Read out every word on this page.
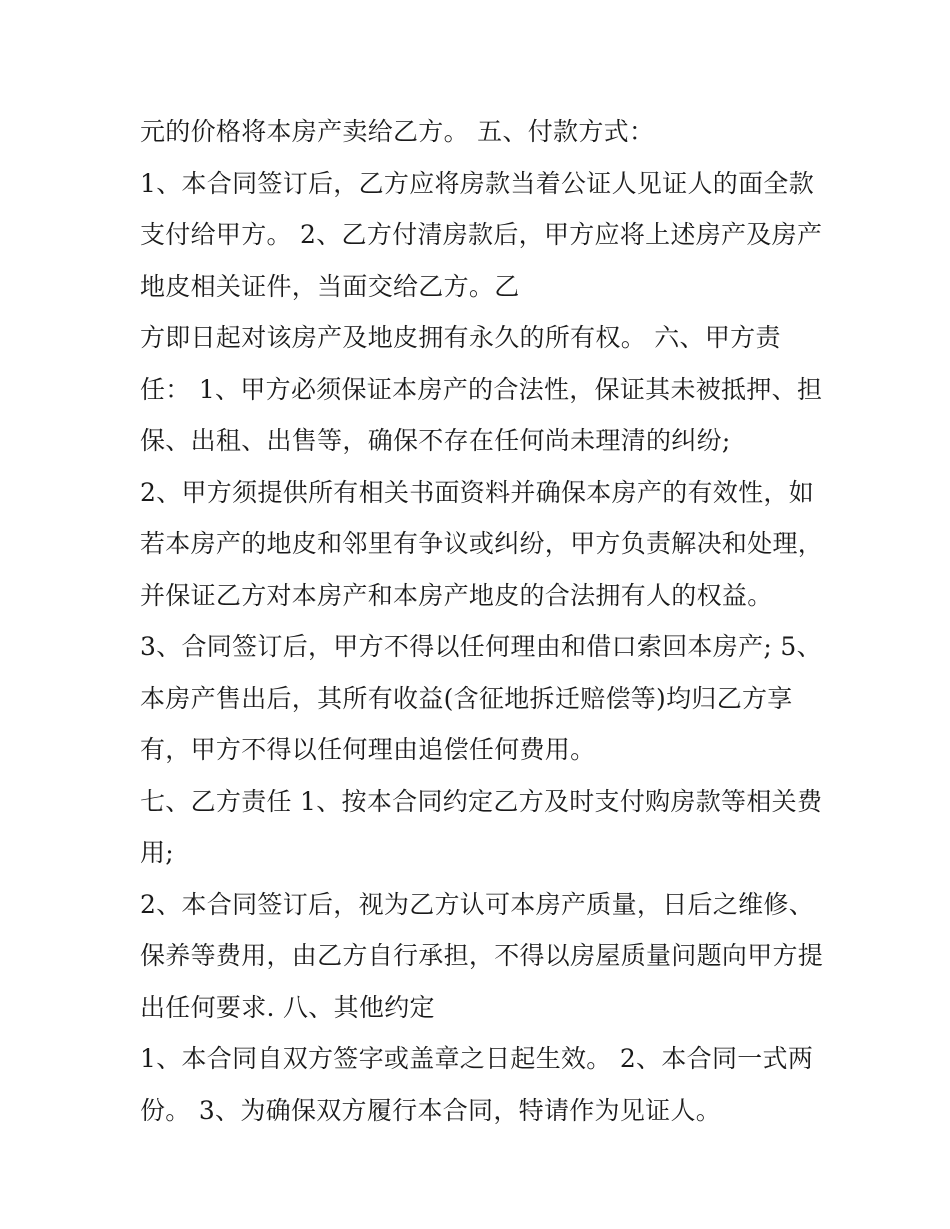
元的价格将本房产卖给乙方。 五、付款方式：
1、本合同签订后，乙方应将房款当着公证人见证人的面全款
支付给甲方。 2、乙方付清房款后，甲方应将上述房产及房产
地皮相关证件，当面交给乙方。乙
方即日起对该房产及地皮拥有永久的所有权。 六、甲方责
任： 1、甲方必须保证本房产的合法性，保证其未被抵押、担
保、出租、出售等，确保不存在任何尚未理清的纠纷;
2、甲方须提供所有相关书面资料并确保本房产的有效性，如
若本房产的地皮和邻里有争议或纠纷，甲方负责解决和处理，
并保证乙方对本房产和本房产地皮的合法拥有人的权益。
3、合同签订后，甲方不得以任何理由和借口索回本房产; 5、
本房产售出后，其所有收益(含征地拆迁赔偿等)均归乙方享
有，甲方不得以任何理由追偿任何费用。
七、乙方责任 1、按本合同约定乙方及时支付购房款等相关费
用;
2、本合同签订后，视为乙方认可本房产质量，日后之维修、
保养等费用，由乙方自行承担，不得以房屋质量问题向甲方提
出任何要求. 八、其他约定
1、本合同自双方签字或盖章之日起生效。 2、本合同一式两
份。 3、为确保双方履行本合同，特请作为见证人。
